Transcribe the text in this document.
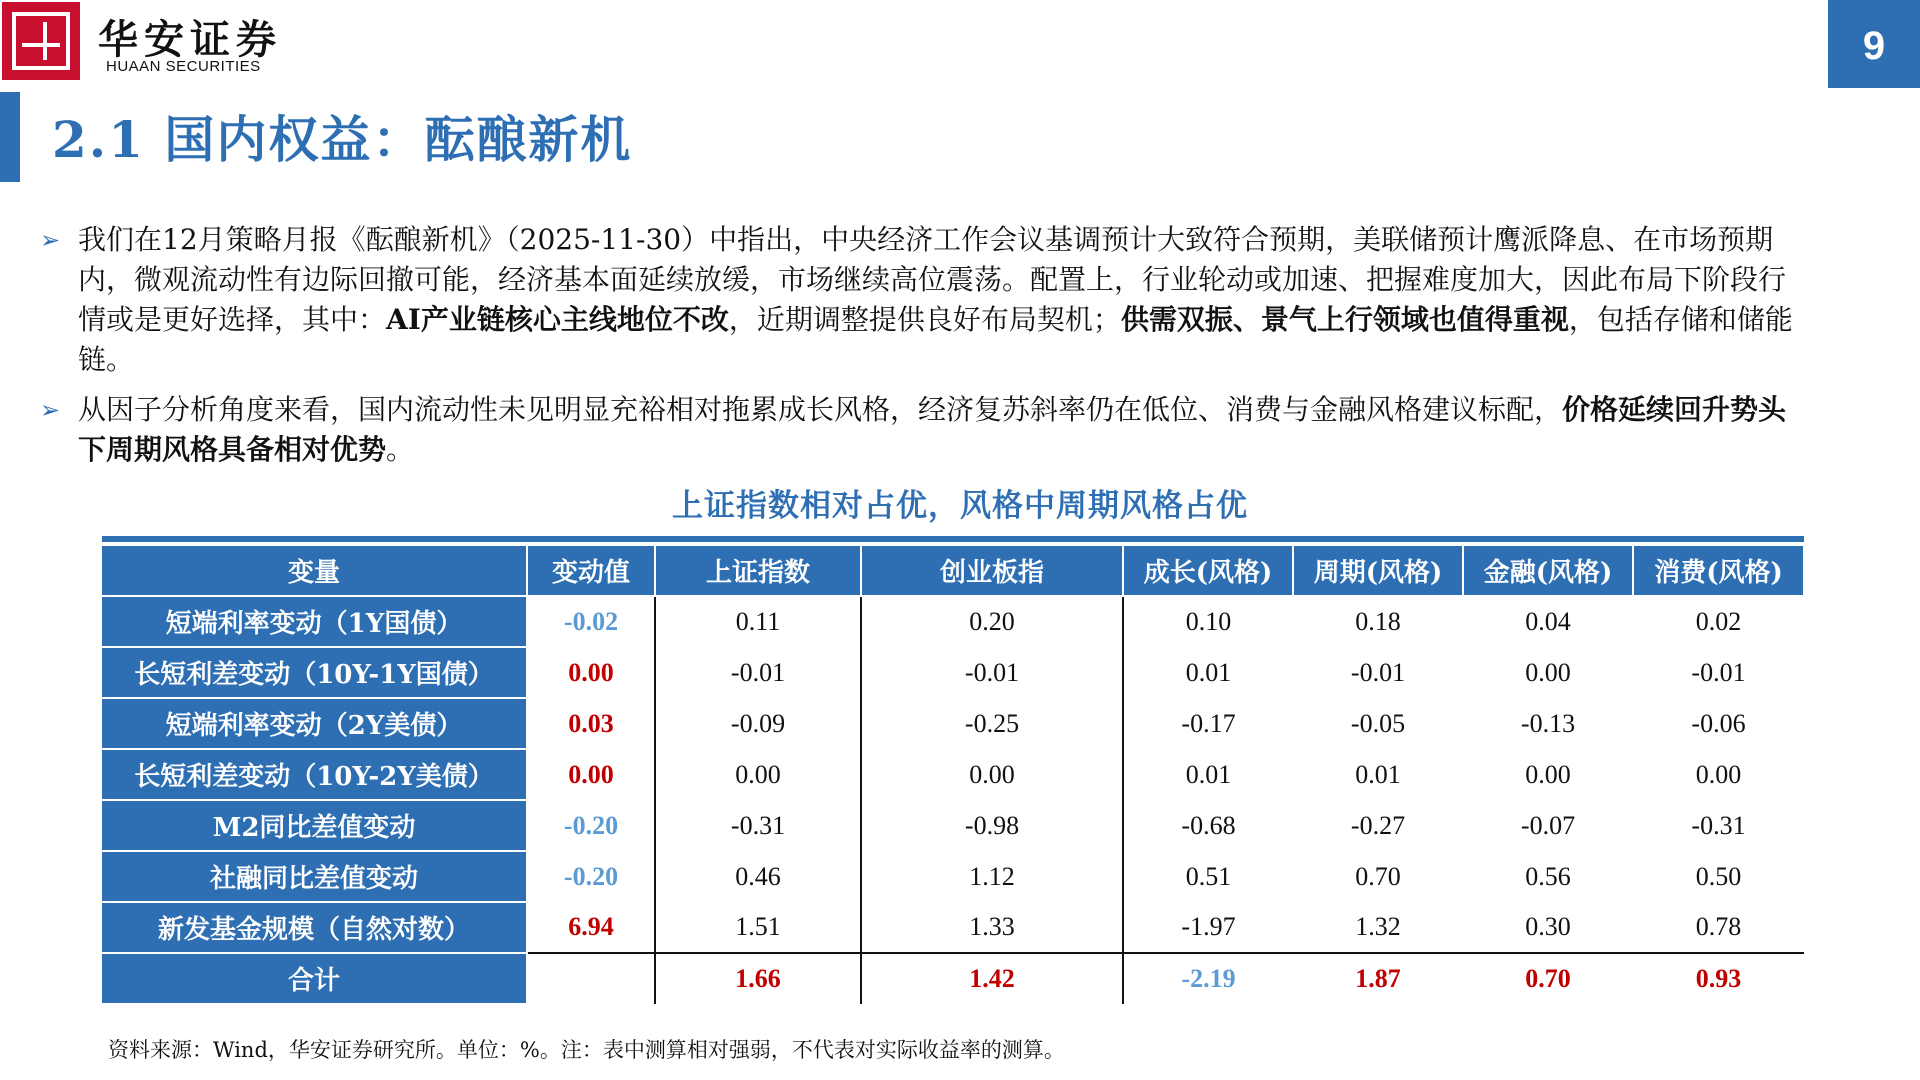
华安证券
HUAAN SECURITIES	9
2.1 国内权益：酝酿新机
➢ 我们在12月策略月报《酝酿新机》（2025-11-30）中指出，中央经济工作会议基调预计大致符合预期，美联储预计鹰派降息、在市场预期内，微观流动性有边际回撤可能，经济基本面延续放缓，市场继续高位震荡。配置上，行业轮动或加速、把握难度加大，因此布局下阶段行情或是更好选择，其中：AI产业链核心主线地位不改，近期调整提供良好布局契机；供需双振、景气上行领域也值得重视，包括存储和储能链。
➢ 从因子分析角度来看，国内流动性未见明显充裕相对拖累成长风格，经济复苏斜率仍在低位、消费与金融风格建议标配，价格延续回升势头下周期风格具备相对优势。
上证指数相对占优，风格中周期风格占优
变量	变动值	上证指数	创业板指	成长(风格)	周期(风格)	金融(风格)	消费(风格)
短端利率变动（1Y国债）	-0.02	0.11	0.20	0.10	0.18	0.04	0.02
长短利差变动（10Y-1Y国债）	0.00	-0.01	-0.01	0.01	-0.01	0.00	-0.01
短端利率变动（2Y美债）	0.03	-0.09	-0.25	-0.17	-0.05	-0.13	-0.06
长短利差变动（10Y-2Y美债）	0.00	0.00	0.00	0.01	0.01	0.00	0.00
M2同比差值变动	-0.20	-0.31	-0.98	-0.68	-0.27	-0.07	-0.31
社融同比差值变动	-0.20	0.46	1.12	0.51	0.70	0.56	0.50
新发基金规模（自然对数）	6.94	1.51	1.33	-1.97	1.32	0.30	0.78
合计		1.66	1.42	-2.19	1.87	0.70	0.93
资料来源：Wind，华安证券研究所。单位：%。注：表中测算相对强弱，不代表对实际收益率的测算。
